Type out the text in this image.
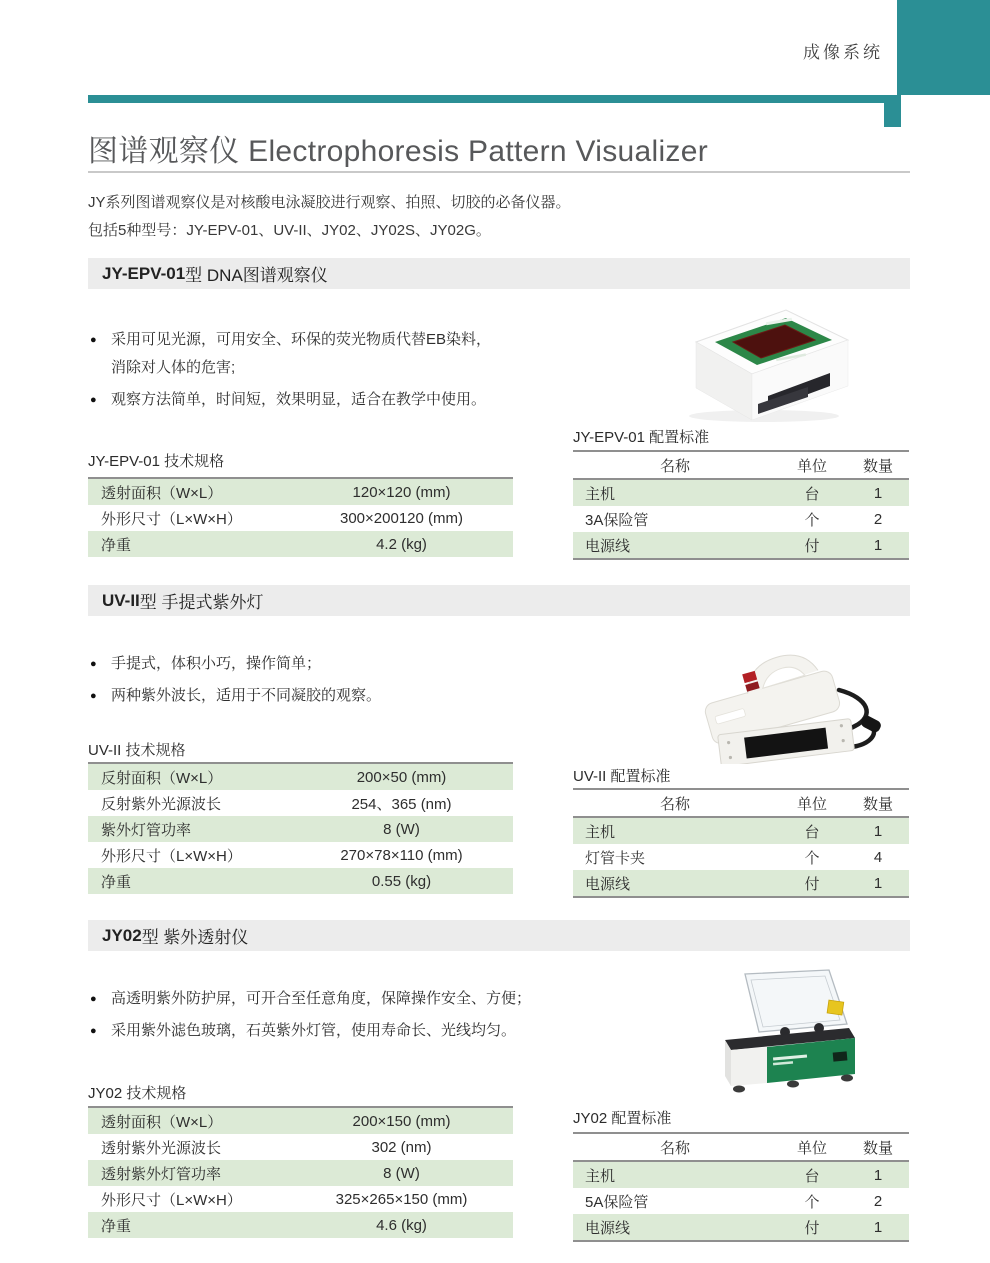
成像系统
图谱观察仪 Electrophoresis Pattern Visualizer

JY系列图谱观察仪是对核酸电泳凝胶进行观察、拍照、切胶的必备仪器。

包括5种型号：JY-EPV-01、UV-II、JY02、JY02S、JY02G。

JY-EPV-01 型 DNA图谱观察仪
● 采用可见光源，可用安全、环保的荧光物质代替EB染料，
消除对人体的危害;
● 观察方法简单，时间短，效果明显，适合在教学中使用。
JY-EPV-01 技术规格
透射面积（W×L）	120×120 (mm)
外形尺寸（L×W×H）	300×200120 (mm)
净重	4.2 (kg)
JY-EPV-01 配置标准
名称	单位	数量
主机	台	1
3A保险管	个	2
电源线	付	1
UV-II 型 手提式紫外灯
● 手提式，体积小巧，操作简单；
● 两种紫外波长，适用于不同凝胶的观察。
UV-II 技术规格
反射面积（W×L）	200×50 (mm)
反射紫外光源波长	254、365 (nm)
紫外灯管功率	8 (W)
外形尺寸（L×W×H）	270×78×110 (mm)
净重	0.55 (kg)
UV-II 配置标准
名称	单位	数量
主机	台	1
灯管卡夹	个	4
电源线	付	1
JY02 型 紫外透射仪
● 高透明紫外防护屏，可开合至任意角度，保障操作安全、方便；
● 采用紫外滤色玻璃，石英紫外灯管，使用寿命长、光线均匀。
JY02 技术规格
透射面积（W×L）	200×150 (mm)
透射紫外光源波长	302 (nm)
透射紫外灯管功率	8 (W)
外形尺寸（L×W×H）	325×265×150 (mm)
净重	4.6 (kg)
JY02 配置标准
名称	单位	数量
主机	台	1
5A保险管	个	2
电源线	付	1
